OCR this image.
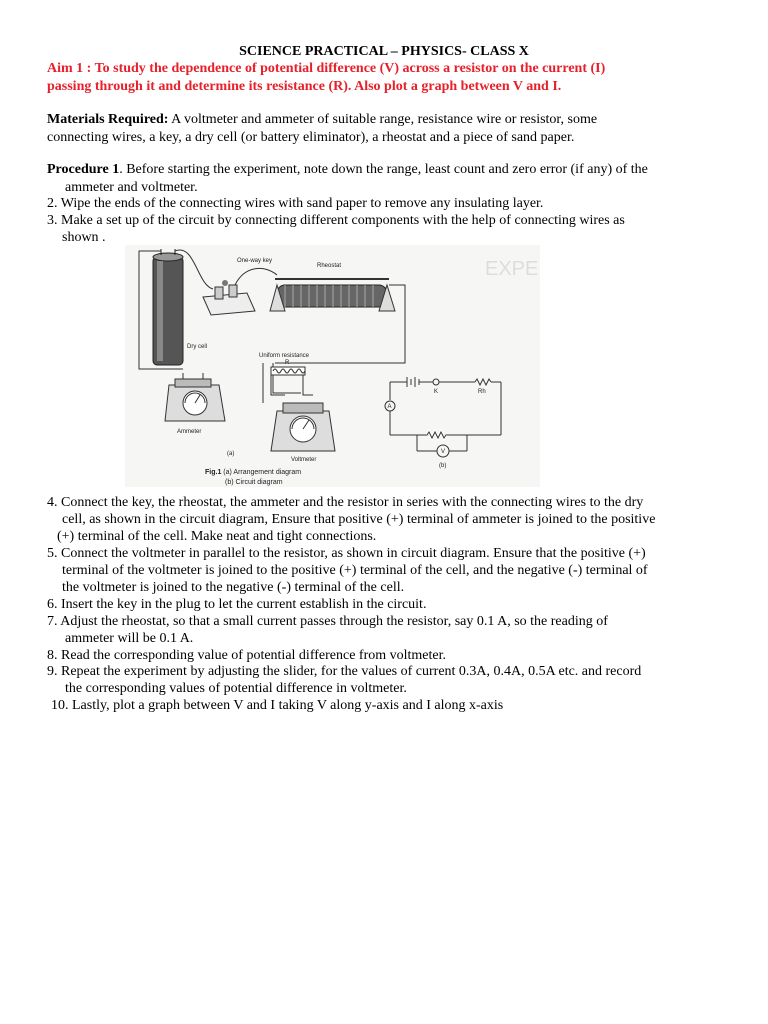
SCIENCE PRACTICAL – PHYSICS- CLASS X
Aim 1 : To study the dependence of potential difference (V) across a resistor on the current (I)
passing through it and determine its resistance (R). Also plot a graph between V and I.
Materials Required: A voltmeter and ammeter of suitable range, resistance wire or resistor, some
connecting wires, a key, a dry cell (or battery eliminator), a rheostat and a piece of sand paper.
Procedure 1. Before starting the experiment, note down the range, least count and zero error (if any) of the
ammeter and voltmeter.
2. Wipe the ends of the connecting wires with sand paper to remove any insulating layer.
3. Make a set up of the circuit by connecting different components with the help of connecting wires as
shown .
4. Connect the key, the rheostat, the ammeter and the resistor in series with the connecting wires to the dry
cell, as shown in the circuit diagram, Ensure that positive (+) terminal of ammeter is joined to the positive
(+) terminal of the cell. Make neat and tight connections.
5. Connect the voltmeter in parallel to the resistor, as shown in circuit diagram. Ensure that the positive (+)
terminal of the voltmeter is joined to the positive (+) terminal of the cell, and the negative (-) terminal of
the voltmeter is joined to the negative (-) terminal of the cell.
6. Insert the key in the plug to let the current establish in the circuit.
7. Adjust the rheostat, so that a small current passes through the resistor, say 0.1 A, so the reading of
ammeter will be 0.1 A.
8. Read the corresponding value of potential difference from voltmeter.
9. Repeat the experiment by adjusting the slider, for the values of current 0.3A, 0.4A, 0.5A etc. and record
the corresponding values of potential difference in voltmeter.
10. Lastly, plot a graph between V and I taking V along y-axis and I along x-axis
EXPE
Dry cell
One-way key
Rheostat
Uniform resistance
R
Ammeter
Voltmeter
(a)
K	Rh
A
V
(b)
Fig.1 (a) Arrangement diagram
(b) Circuit diagram
